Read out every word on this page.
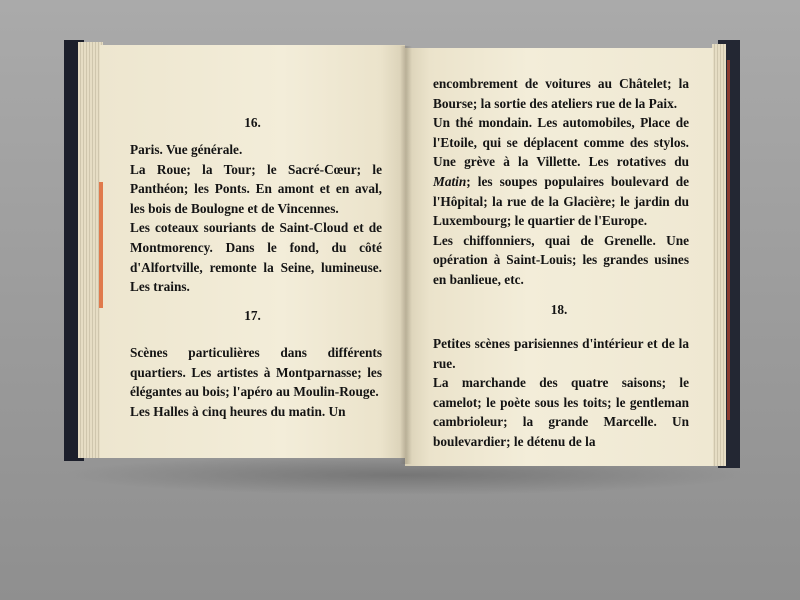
16.

Paris. Vue générale.

La Roue; la Tour; le Sacré-Cœur; le Panthéon; les Ponts. En amont et en aval, les bois de Boulogne et de Vincennes.

Les coteaux souriants de Saint-Cloud et de Montmorency. Dans le fond, du côté d'Alfortville, remonte la Seine, lumineuse. Les trains.

17.

Scènes particulières dans différents quartiers. Les artistes à Montparnasse; les élégantes au bois; l'apéro au Moulin-Rouge.

Les Halles à cinq heures du matin. Un

encombrement de voitures au Châtelet; la Bourse; la sortie des ateliers rue de la Paix.

Un thé mondain. Les automobiles, Place de l'Etoile, qui se déplacent comme des stylos. Une grève à la Villette. Les rotatives du Matin; les soupes populaires boulevard de l'Hôpital; la rue de la Glacière; le jardin du Luxembourg; le quartier de l'Europe.

Les chiffonniers, quai de Grenelle. Une opération à Saint-Louis; les grandes usines en banlieue, etc.

18.

Petites scènes parisiennes d'intérieur et de la rue.

La marchande des quatre saisons; le camelot; le poète sous les toits; le gentleman cambrioleur; la grande Marcelle. Un boulevardier; le détenu de la
